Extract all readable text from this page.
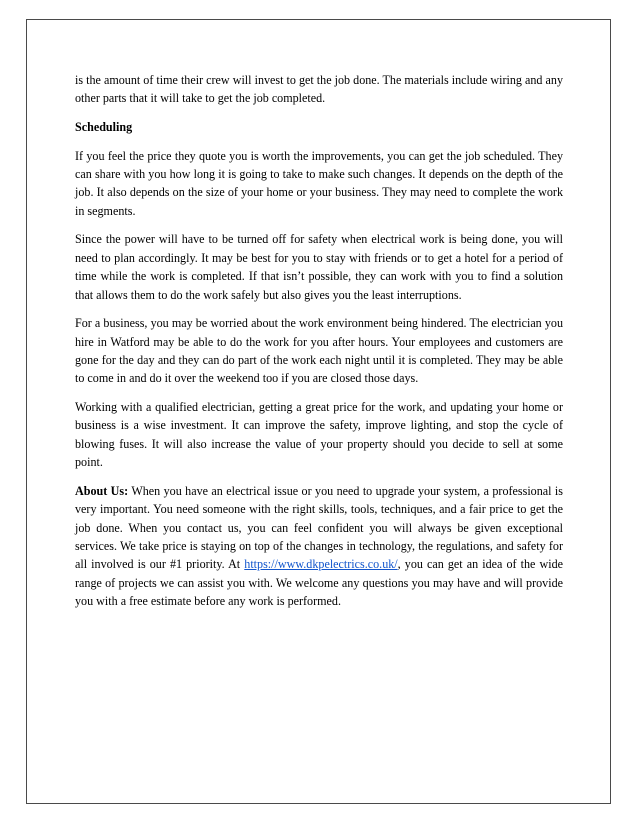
is the amount of time their crew will invest to get the job done. The materials include wiring and any other parts that it will take to get the job completed.

Scheduling

If you feel the price they quote you is worth the improvements, you can get the job scheduled. They can share with you how long it is going to take to make such changes. It depends on the depth of the job. It also depends on the size of your home or your business. They may need to complete the work in segments.

Since the power will have to be turned off for safety when electrical work is being done, you will need to plan accordingly. It may be best for you to stay with friends or to get a hotel for a period of time while the work is completed. If that isn’t possible, they can work with you to find a solution that allows them to do the work safely but also gives you the least interruptions.

For a business, you may be worried about the work environment being hindered. The electrician you hire in Watford may be able to do the work for you after hours. Your employees and customers are gone for the day and they can do part of the work each night until it is completed. They may be able to come in and do it over the weekend too if you are closed those days.

Working with a qualified electrician, getting a great price for the work, and updating your home or business is a wise investment. It can improve the safety, improve lighting, and stop the cycle of blowing fuses. It will also increase the value of your property should you decide to sell at some point.

About Us: When you have an electrical issue or you need to upgrade your system, a professional is very important. You need someone with the right skills, tools, techniques, and a fair price to get the job done. When you contact us, you can feel confident you will always be given exceptional services. We take price is staying on top of the changes in technology, the regulations, and safety for all involved is our #1 priority. At https://www.dkpelectrics.co.uk/, you can get an idea of the wide range of projects we can assist you with. We welcome any questions you may have and will provide you with a free estimate before any work is performed.
